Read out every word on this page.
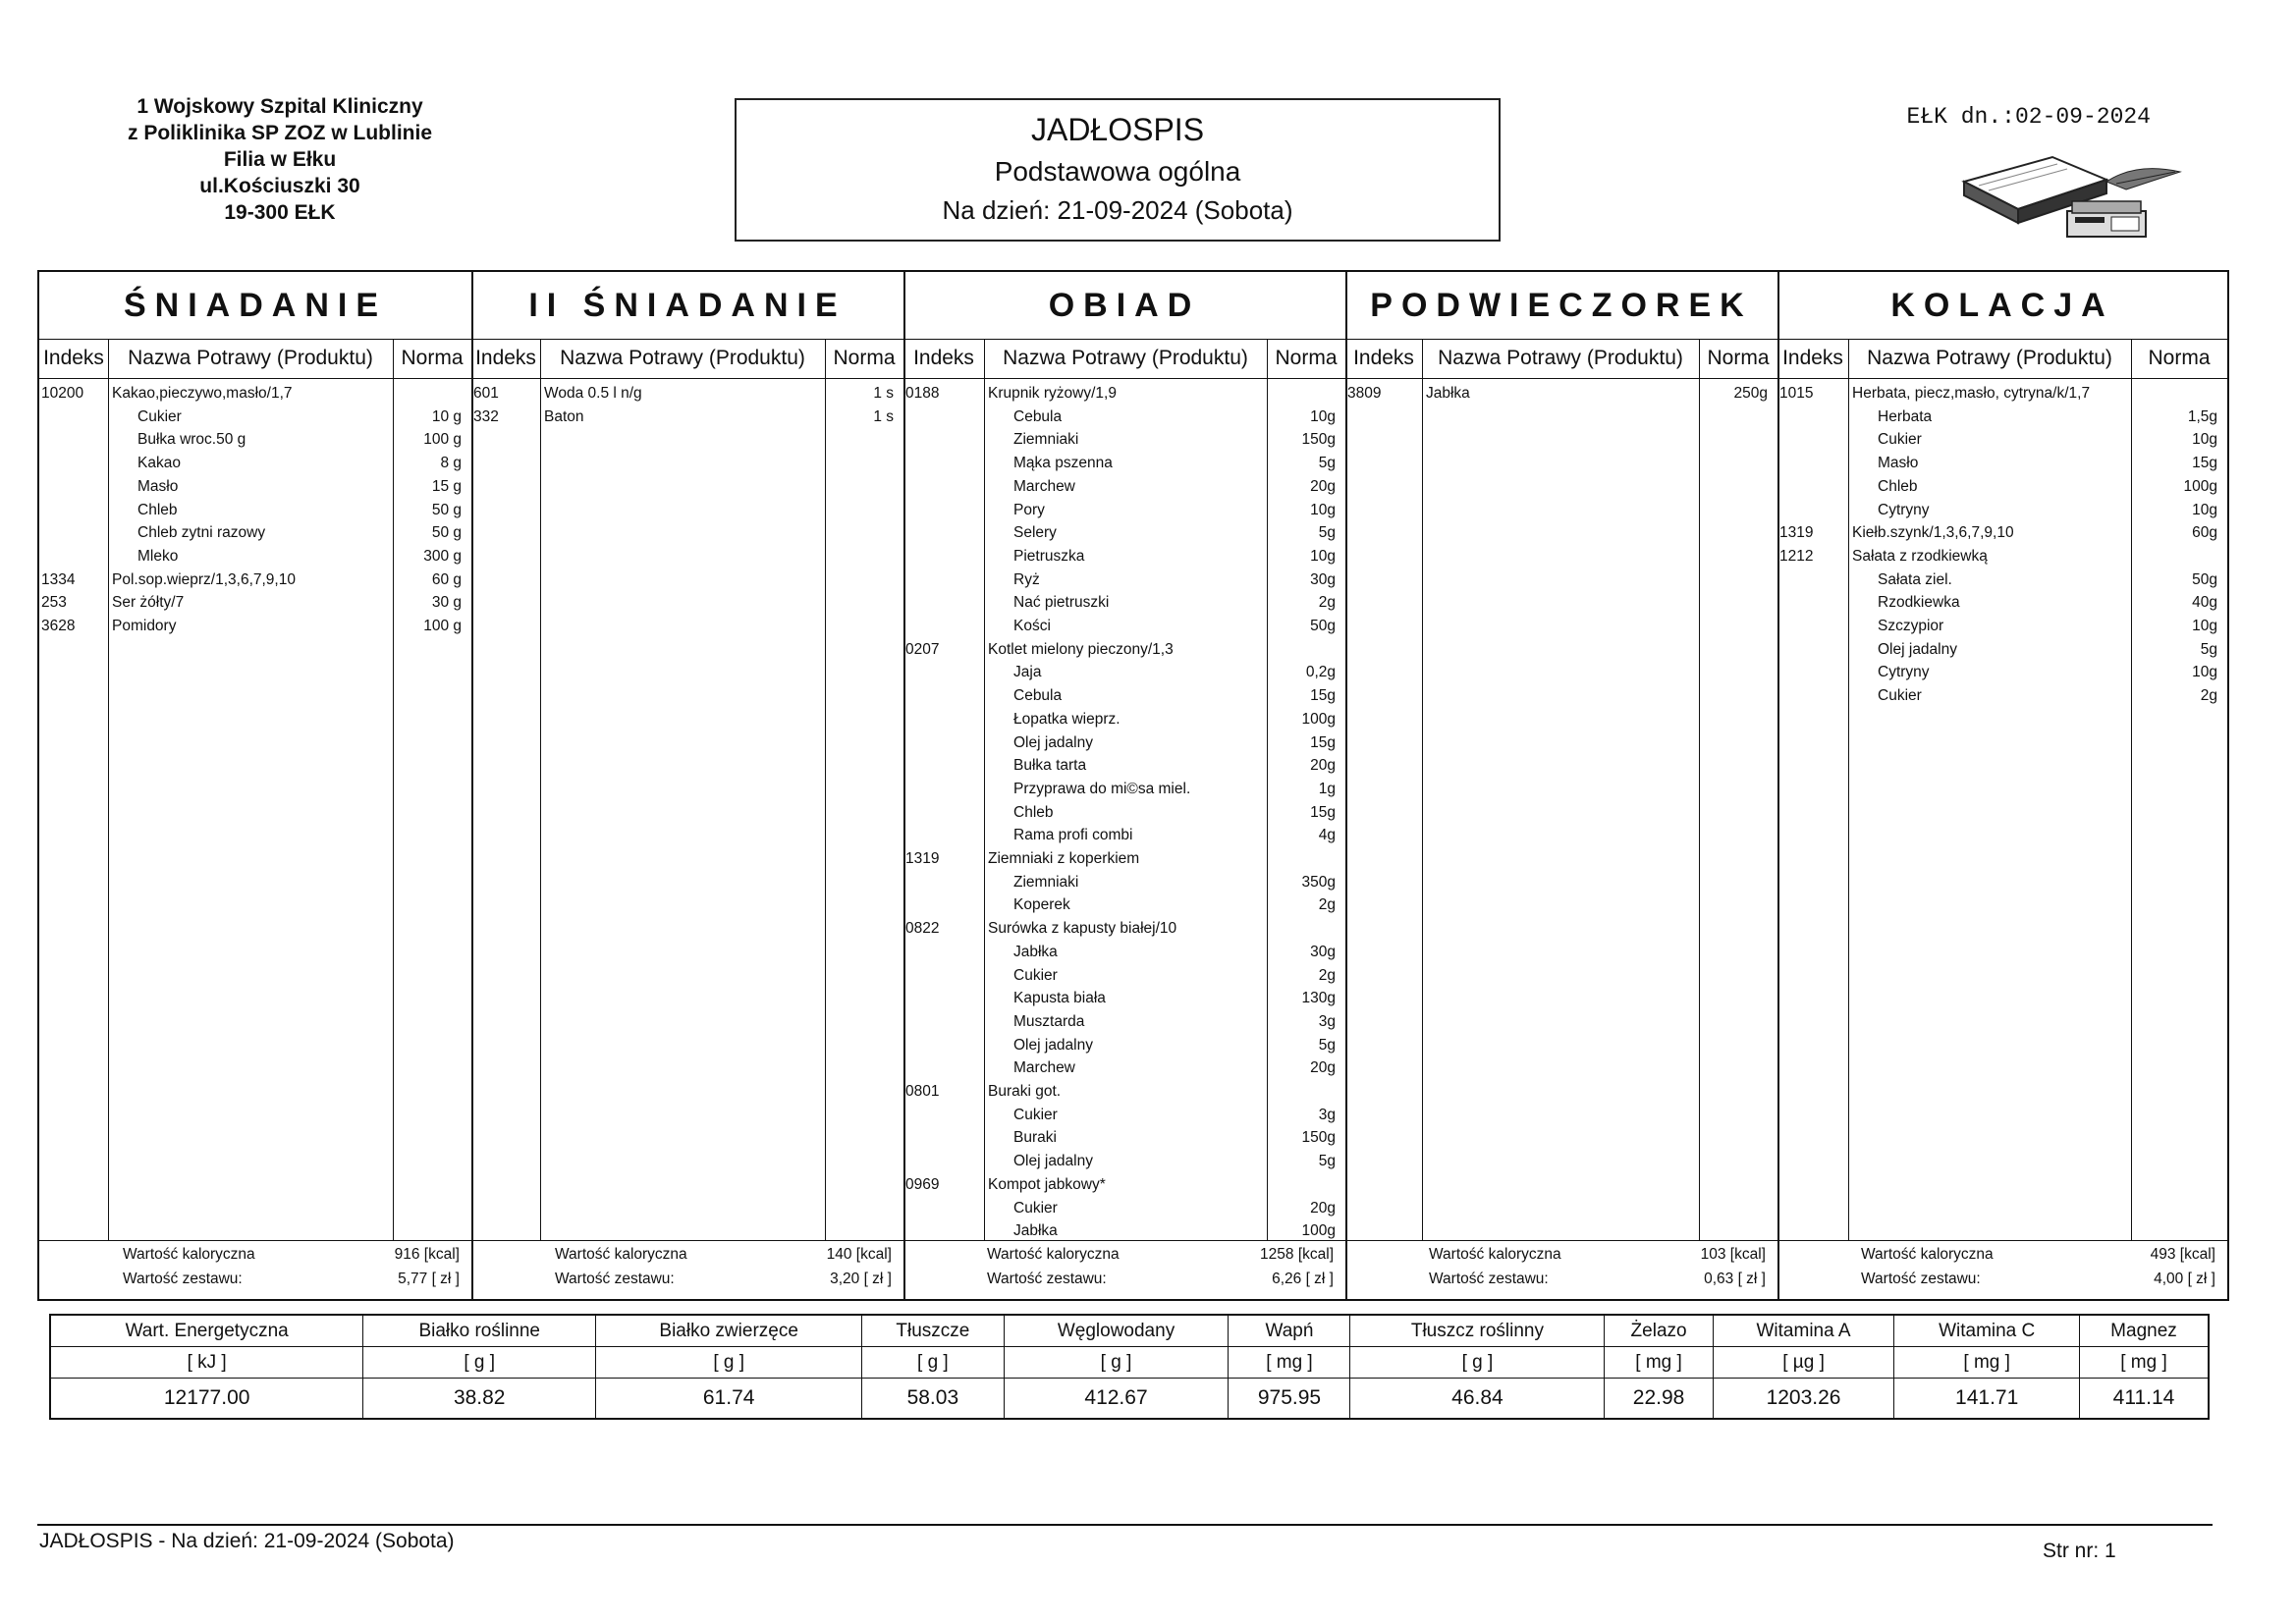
1 Wojskowy Szpital Kliniczny
z Poliklinika SP ZOZ w Lublinie
Filia w Ełku
ul.Kościuszki 30
19-300 EŁK
JADŁOSPIS
Podstawowa ogólna
Na dzień: 21-09-2024 (Sobota)
EŁK dn.:02-09-2024
ŚNIADANIE
Indeks	Nazwa Potrawy (Produktu)	Norma
10200 Kakao,pieczywo,masło/1,7
Cukier	10 g
Bułka wroc.50 g	100 g
Kakao	8 g
Masło	15 g
Chleb	50 g
Chleb zytni razowy	50 g
Mleko	300 g
1334 Pol.sop.wieprz/1,3,6,7,9,10	60 g
253	Ser żółty/7	30 g
3628 Pomidory	100 g
Wartość kaloryczna	916 [kcal]
Wartość zestawu:	5,77 [ zł ]
II ŚNIADANIE
Indeks	Nazwa Potrawy (Produktu)	Norma
601	Woda 0.5 l n/g	1 s
332	Baton	1 s
Wartość kaloryczna	140 [kcal]
Wartość zestawu:	3,20 [ zł ]
OBIAD
Indeks	Nazwa Potrawy (Produktu)	Norma
0188	Krupnik ryżowy/1,9
Cebula	10g
Ziemniaki	150g
Mąka pszenna	5g
Marchew	20g
Pory	10g
Selery	5g
Pietruszka	10g
Ryż	30g
Nać pietruszki	2g
Kości	50g
0207	Kotlet mielony pieczony/1,3
Jaja	0,2g
Cebula	15g
Łopatka wieprz.	100g
Olej jadalny	15g
Bułka tarta	20g
Przyprawa do mi©sa miel.	1g
Chleb	15g
Rama profi combi	4g
1319	Ziemniaki z koperkiem
Ziemniaki	350g
Koperek	2g
0822	Surówka z kapusty białej/10
Jabłka	30g
Cukier	2g
Kapusta biała	130g
Musztarda	3g
Olej jadalny	5g
Marchew	20g
0801	Buraki got.
Cukier	3g
Buraki	150g
Olej jadalny	5g
0969	Kompot jabkowy*
Cukier	20g
Jabłka	100g
Wartość kaloryczna	1258 [kcal]
Wartość zestawu:	6,26 [ zł ]
PODWIECZOREK
Indeks	Nazwa Potrawy (Produktu)	Norma
3809	Jabłka	250g
Wartość kaloryczna	103 [kcal]
Wartość zestawu:	0,63 [ zł ]
KOLACJA
Indeks	Nazwa Potrawy (Produktu)	Norma
1015	Herbata, piecz,masło, cytryna/k/1,7
Herbata	1,5g
Cukier	10g
Masło	15g
Chleb	100g
Cytryny	10g
1319	Kiełb.szynk/1,3,6,7,9,10	60g
1212	Sałata z rzodkiewką
Sałata ziel.	50g
Rzodkiewka	40g
Szczypior	10g
Olej jadalny	5g
Cytryny	10g
Cukier	2g
Wartość kaloryczna	493 [kcal]
Wartość zestawu:	4,00 [ zł ]
Wart. Energetyczna	Białko roślinne	Białko zwierzęce	Tłuszcze	Węglowodany	Wapń	Tłuszcz roślinny	Żelazo	Witamina A	Witamina C	Magnez
[ kJ ]	[ g ]	[ g ]	[ g ]	[ g ]	[ mg ]	[ g ]	[ mg ]	[ µg ]	[ mg ]	[ mg ]
12177.00	38.82	61.74	58.03	412.67	975.95	46.84	22.98	1203.26	141.71	411.14
JADŁOSPIS - Na dzień: 21-09-2024 (Sobota)	Str nr: 1
